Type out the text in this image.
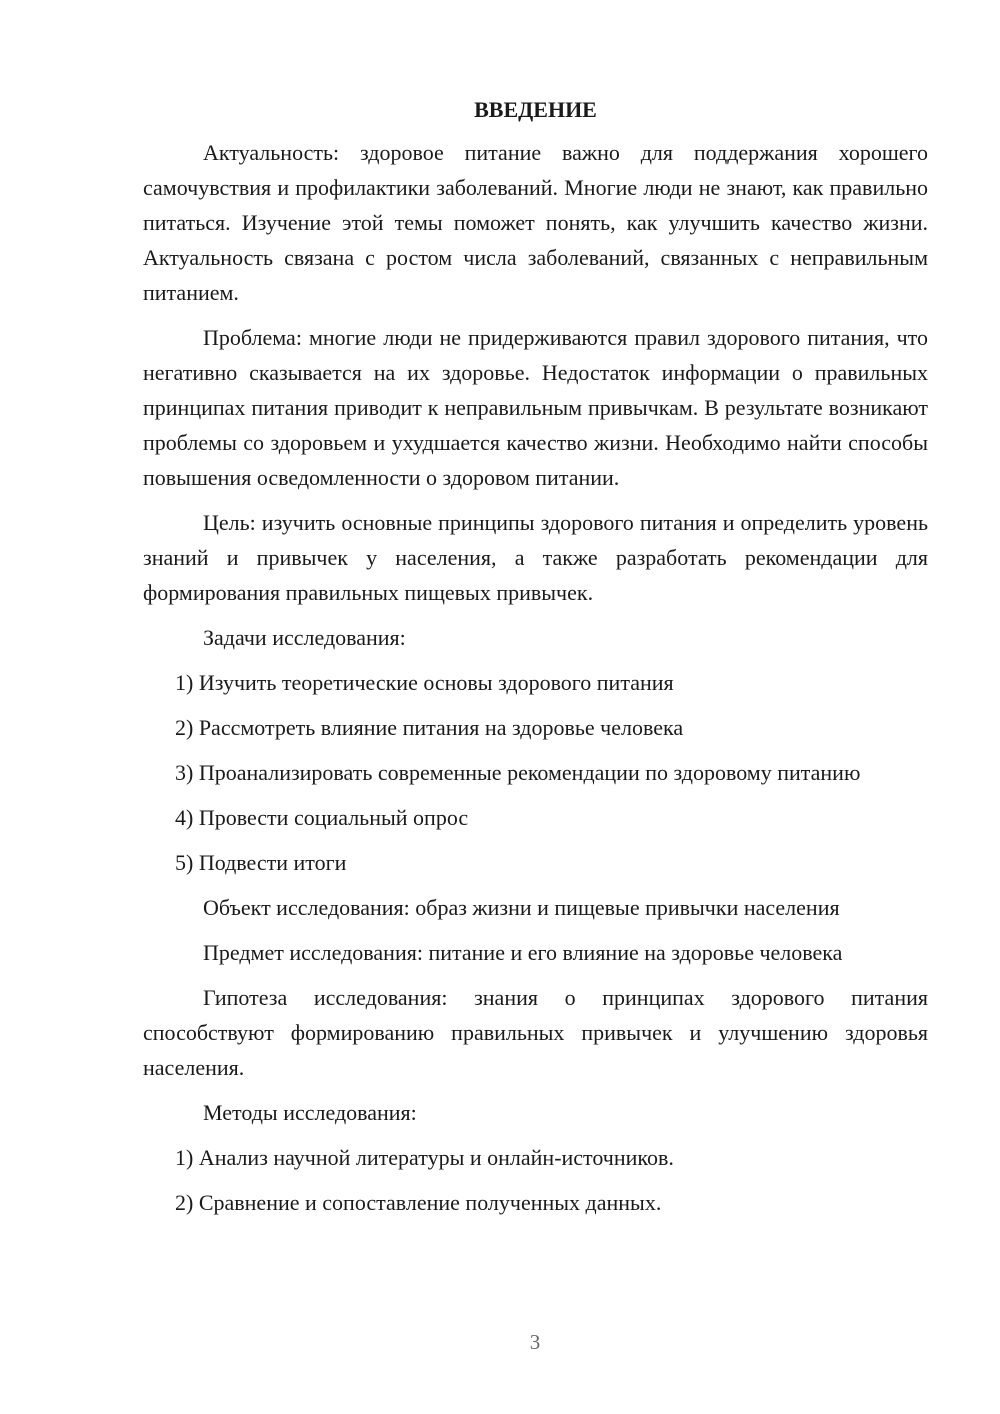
ВВЕДЕНИЕ

Актуальность: здоровое питание важно для поддержания хорошего самочувствия и профилактики заболеваний. Многие люди не знают, как правильно питаться. Изучение этой темы поможет понять, как улучшить качество жизни. Актуальность связана с ростом числа заболеваний, связанных с неправильным питанием.

Проблема: многие люди не придерживаются правил здорового питания, что негативно сказывается на их здоровье. Недостаток информации о правильных принципах питания приводит к неправильным привычкам. В результате возникают проблемы со здоровьем и ухудшается качество жизни. Необходимо найти способы повышения осведомленности о здоровом питании.

Цель: изучить основные принципы здорового питания и определить уровень знаний и привычек у населения, а также разработать рекомендации для формирования правильных пищевых привычек.

Задачи исследования:

1) Изучить теоретические основы здорового питания

2) Рассмотреть влияние питания на здоровье человека

3) Проанализировать современные рекомендации по здоровому питанию

4) Провести социальный опрос

5) Подвести итоги

Объект исследования: образ жизни и пищевые привычки населения

Предмет исследования: питание и его влияние на здоровье человека

Гипотеза исследования: знания о принципах здорового питания способствуют формированию правильных привычек и улучшению здоровья населения.

Методы исследования:

1) Анализ научной литературы и онлайн-источников.

2) Сравнение и сопоставление полученных данных.

3
